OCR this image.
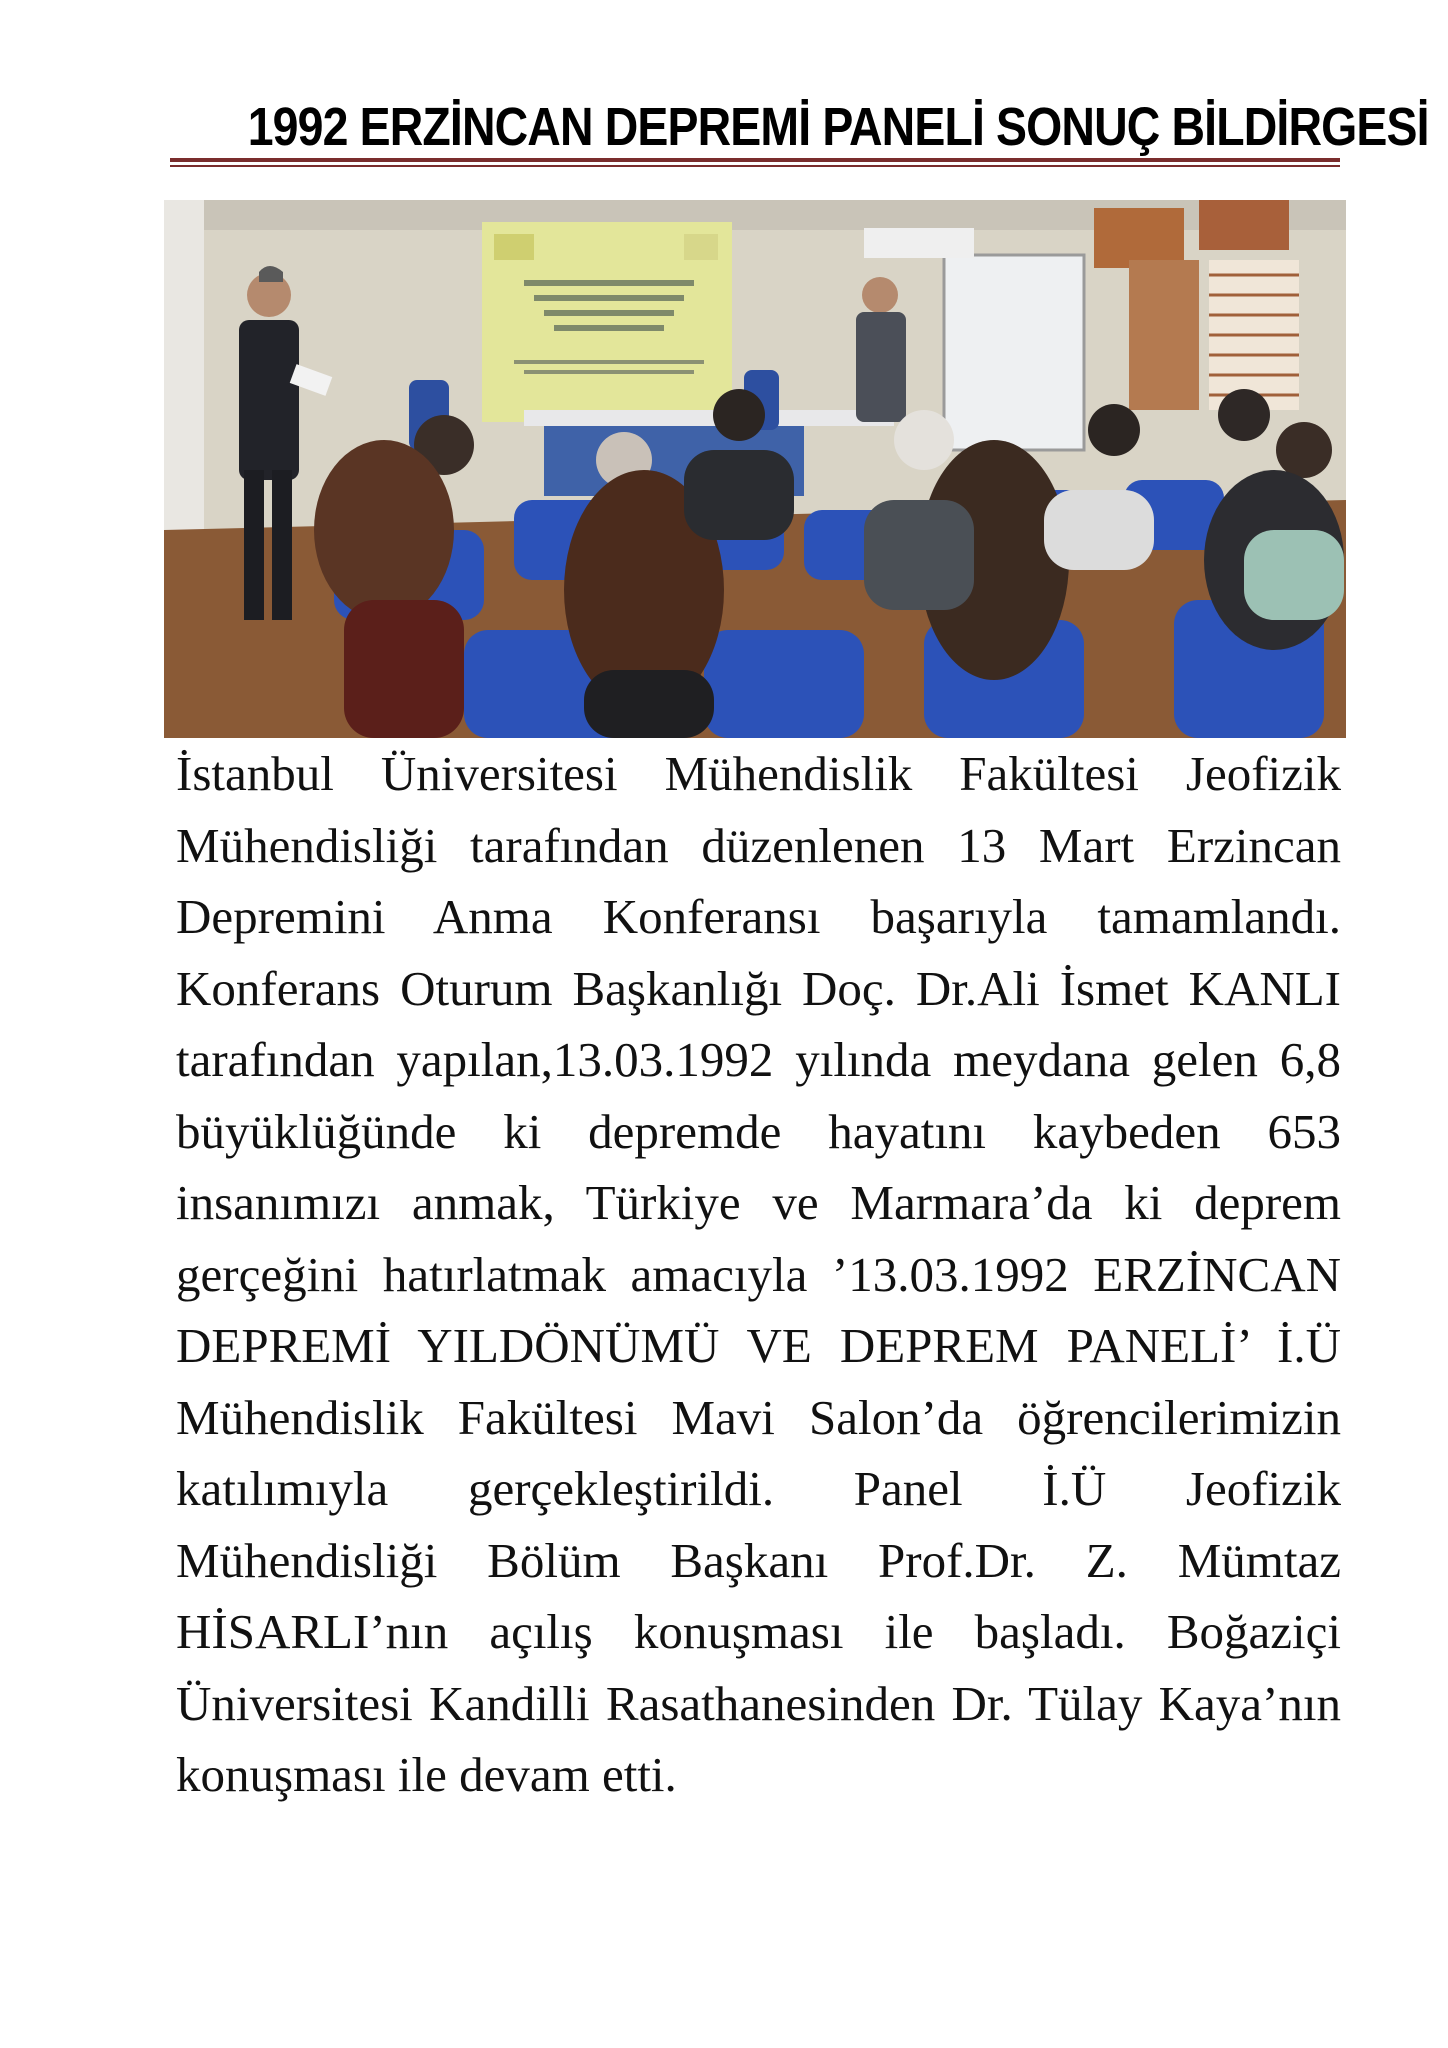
1992 ERZİNCAN DEPREMİ PANELİ SONUÇ BİLDİRGESİ

İstanbul Üniversitesi Mühendislik Fakültesi Jeofizik Mühendisliği tarafından düzenlenen 13 Mart Erzincan Depremini Anma Konferansı başarıyla tamamlandı. Konferans Oturum Başkanlığı Doç. Dr.Ali İsmet KANLI tarafından yapılan,13.03.1992 yılında meydana gelen 6,8 büyüklüğünde ki depremde hayatını kaybeden 653 insanımızı anmak, Türkiye ve Marmara’da ki deprem gerçeğini hatırlatmak amacıyla ’13.03.1992 ERZİNCAN DEPREMİ YILDÖNÜMÜ VE DEPREM PANELİ’ İ.Ü Mühendislik Fakültesi Mavi Salon’da öğrencilerimizin katılımıyla gerçekleştirildi. Panel İ.Ü Jeofizik Mühendisliği Bölüm Başkanı Prof.Dr. Z. Mümtaz HİSARLI’nın açılış konuşması ile başladı. Boğaziçi Üniversitesi Kandilli Rasathanesinden Dr. Tülay Kaya’nın konuşması ile devam etti.
